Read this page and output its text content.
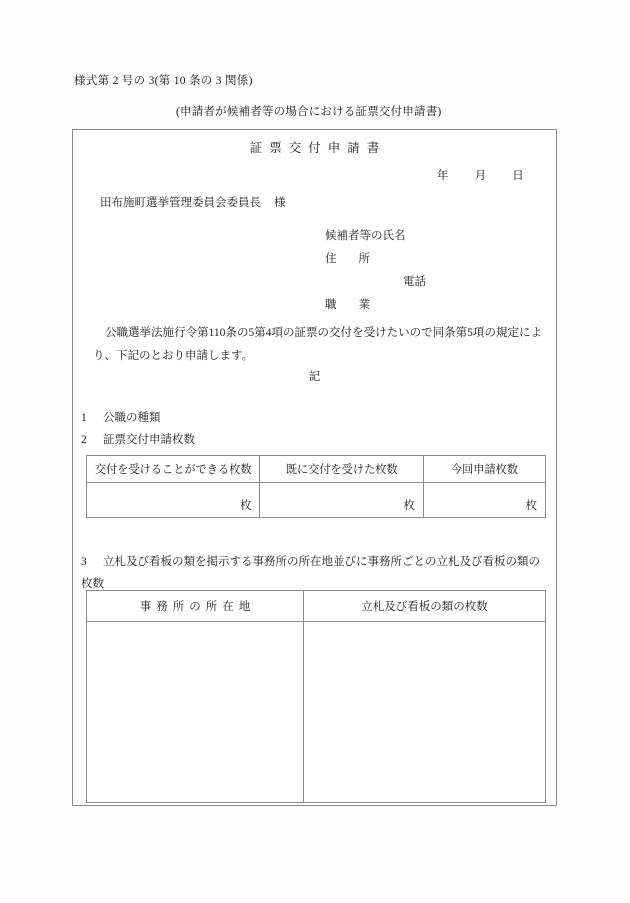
様式第 2 号の 3(第 10 条の 3 関係)
(申請者が候補者等の場合における証票交付申請書)
証票交付申請書
年 月 日
田布施町選挙管理委員会委員長 様
候補者等の氏名
住所
電話
職業
公職選挙法施行令第110条の5第4項の証票の交付を受けたいので同条第5項の規定により、下記のとおり申請します。
記
1 公職の種類
2 証票交付申請枚数
交付を受けることができる枚数	既に交付を受けた枚数	今回申請枚数
枚	枚	枚
3 立札及び看板の類を掲示する事務所の所在地並びに事務所ごとの立札及び看板の類の枚数
事務所の所在地	立札及び看板の類の枚数
